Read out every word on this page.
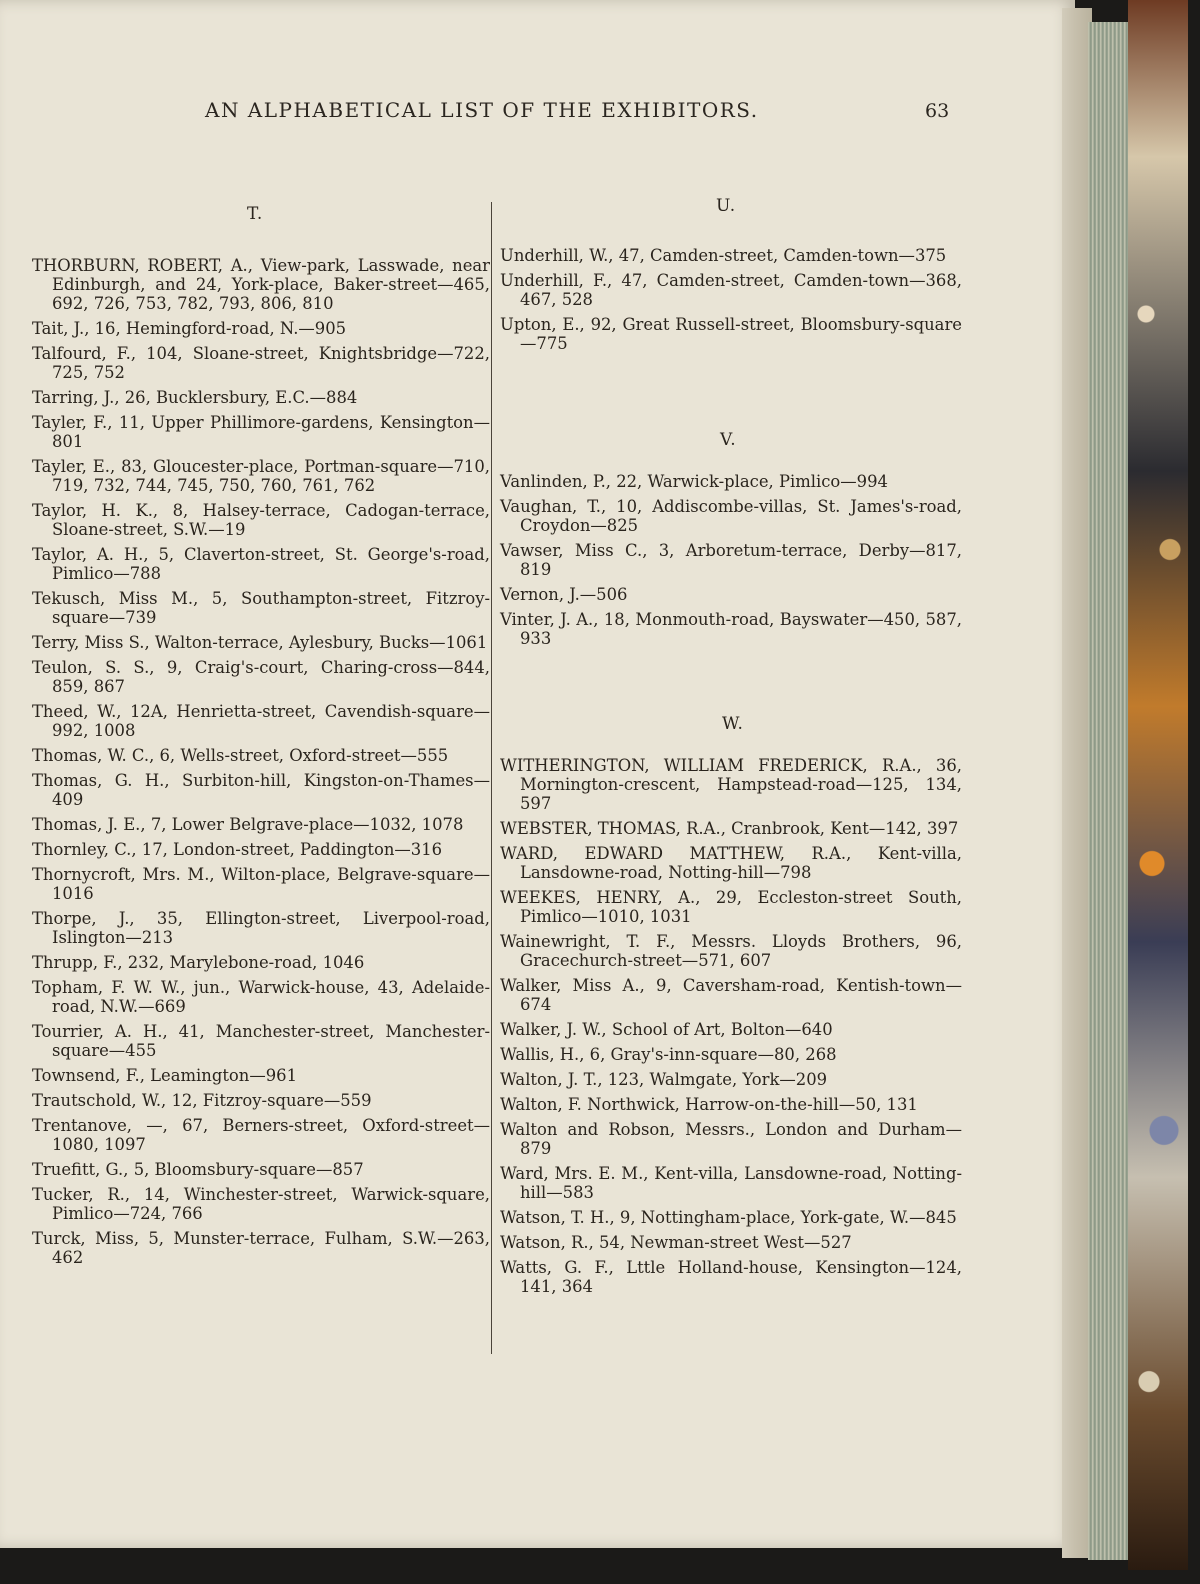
AN ALPHABETICAL LIST OF THE EXHIBITORS.	63
T.	U.
V.
W.
THORBURN, ROBERT, A., View-park, Lasswade, near Edinburgh, and 24, York-place, Baker-street—465, 692, 726, 753, 782, 793, 806, 810
Tait, J., 16, Hemingford-road, N.—905
Talfourd, F., 104, Sloane-street, Knightsbridge—722, 725, 752
Tarring, J., 26, Bucklersbury, E.C.—884
Tayler, F., 11, Upper Phillimore-gardens, Kensington—801
Tayler, E., 83, Gloucester-place, Portman-square—710, 719, 732, 744, 745, 750, 760, 761, 762
Taylor, H. K., 8, Halsey-terrace, Cadogan-terrace, Sloane-street, S.W.—19
Taylor, A. H., 5, Claverton-street, St. George's-road, Pimlico—788
Tekusch, Miss M., 5, Southampton-street, Fitzroy-square—739
Terry, Miss S., Walton-terrace, Aylesbury, Bucks—1061
Teulon, S. S., 9, Craig's-court, Charing-cross—844, 859, 867
Theed, W., 12A, Henrietta-street, Cavendish-square—992, 1008
Thomas, W. C., 6, Wells-street, Oxford-street—555
Thomas, G. H., Surbiton-hill, Kingston-on-Thames—409
Thomas, J. E., 7, Lower Belgrave-place—1032, 1078
Thornley, C., 17, London-street, Paddington—316
Thornycroft, Mrs. M., Wilton-place, Belgrave-square—1016
Thorpe, J., 35, Ellington-street, Liverpool-road, Islington—213
Thrupp, F., 232, Marylebone-road, 1046
Topham, F. W. W., jun., Warwick-house, 43, Adelaide-road, N.W.—669
Tourrier, A. H., 41, Manchester-street, Manchester-square—455
Townsend, F., Leamington—961
Trautschold, W., 12, Fitzroy-square—559
Trentanove, —, 67, Berners-street, Oxford-street—1080, 1097
Truefitt, G., 5, Bloomsbury-square—857
Tucker, R., 14, Winchester-street, Warwick-square, Pimlico—724, 766
Turck, Miss, 5, Munster-terrace, Fulham, S.W.—263, 462
Underhill, W., 47, Camden-street, Camden-town—375
Underhill, F., 47, Camden-street, Camden-town—368, 467, 528
Upton, E., 92, Great Russell-street, Bloomsbury-square—775
Vanlinden, P., 22, Warwick-place, Pimlico—994
Vaughan, T., 10, Addiscombe-villas, St. James's-road, Croydon—825
Vawser, Miss C., 3, Arboretum-terrace, Derby—817, 819
Vernon, J.—506
Vinter, J. A., 18, Monmouth-road, Bayswater—450, 587, 933
WITHERINGTON, WILLIAM FREDERICK, R.A., 36, Mornington-crescent, Hampstead-road—125, 134, 597
WEBSTER, THOMAS, R.A., Cranbrook, Kent—142, 397
WARD, EDWARD MATTHEW, R.A., Kent-villa, Lansdowne-road, Notting-hill—798
WEEKES, HENRY, A., 29, Eccleston-street South, Pimlico—1010, 1031
Wainewright, T. F., Messrs. Lloyds Brothers, 96, Gracechurch-street—571, 607
Walker, Miss A., 9, Caversham-road, Kentish-town—674
Walker, J. W., School of Art, Bolton—640
Wallis, H., 6, Gray's-inn-square—80, 268
Walton, J. T., 123, Walmgate, York—209
Walton, F. Northwick, Harrow-on-the-hill—50, 131
Walton and Robson, Messrs., London and Durham—879
Ward, Mrs. E. M., Kent-villa, Lansdowne-road, Notting-hill—583
Watson, T. H., 9, Nottingham-place, York-gate, W.—845
Watson, R., 54, Newman-street West—527
Watts, G. F., Lttle Holland-house, Kensington—124, 141, 364
